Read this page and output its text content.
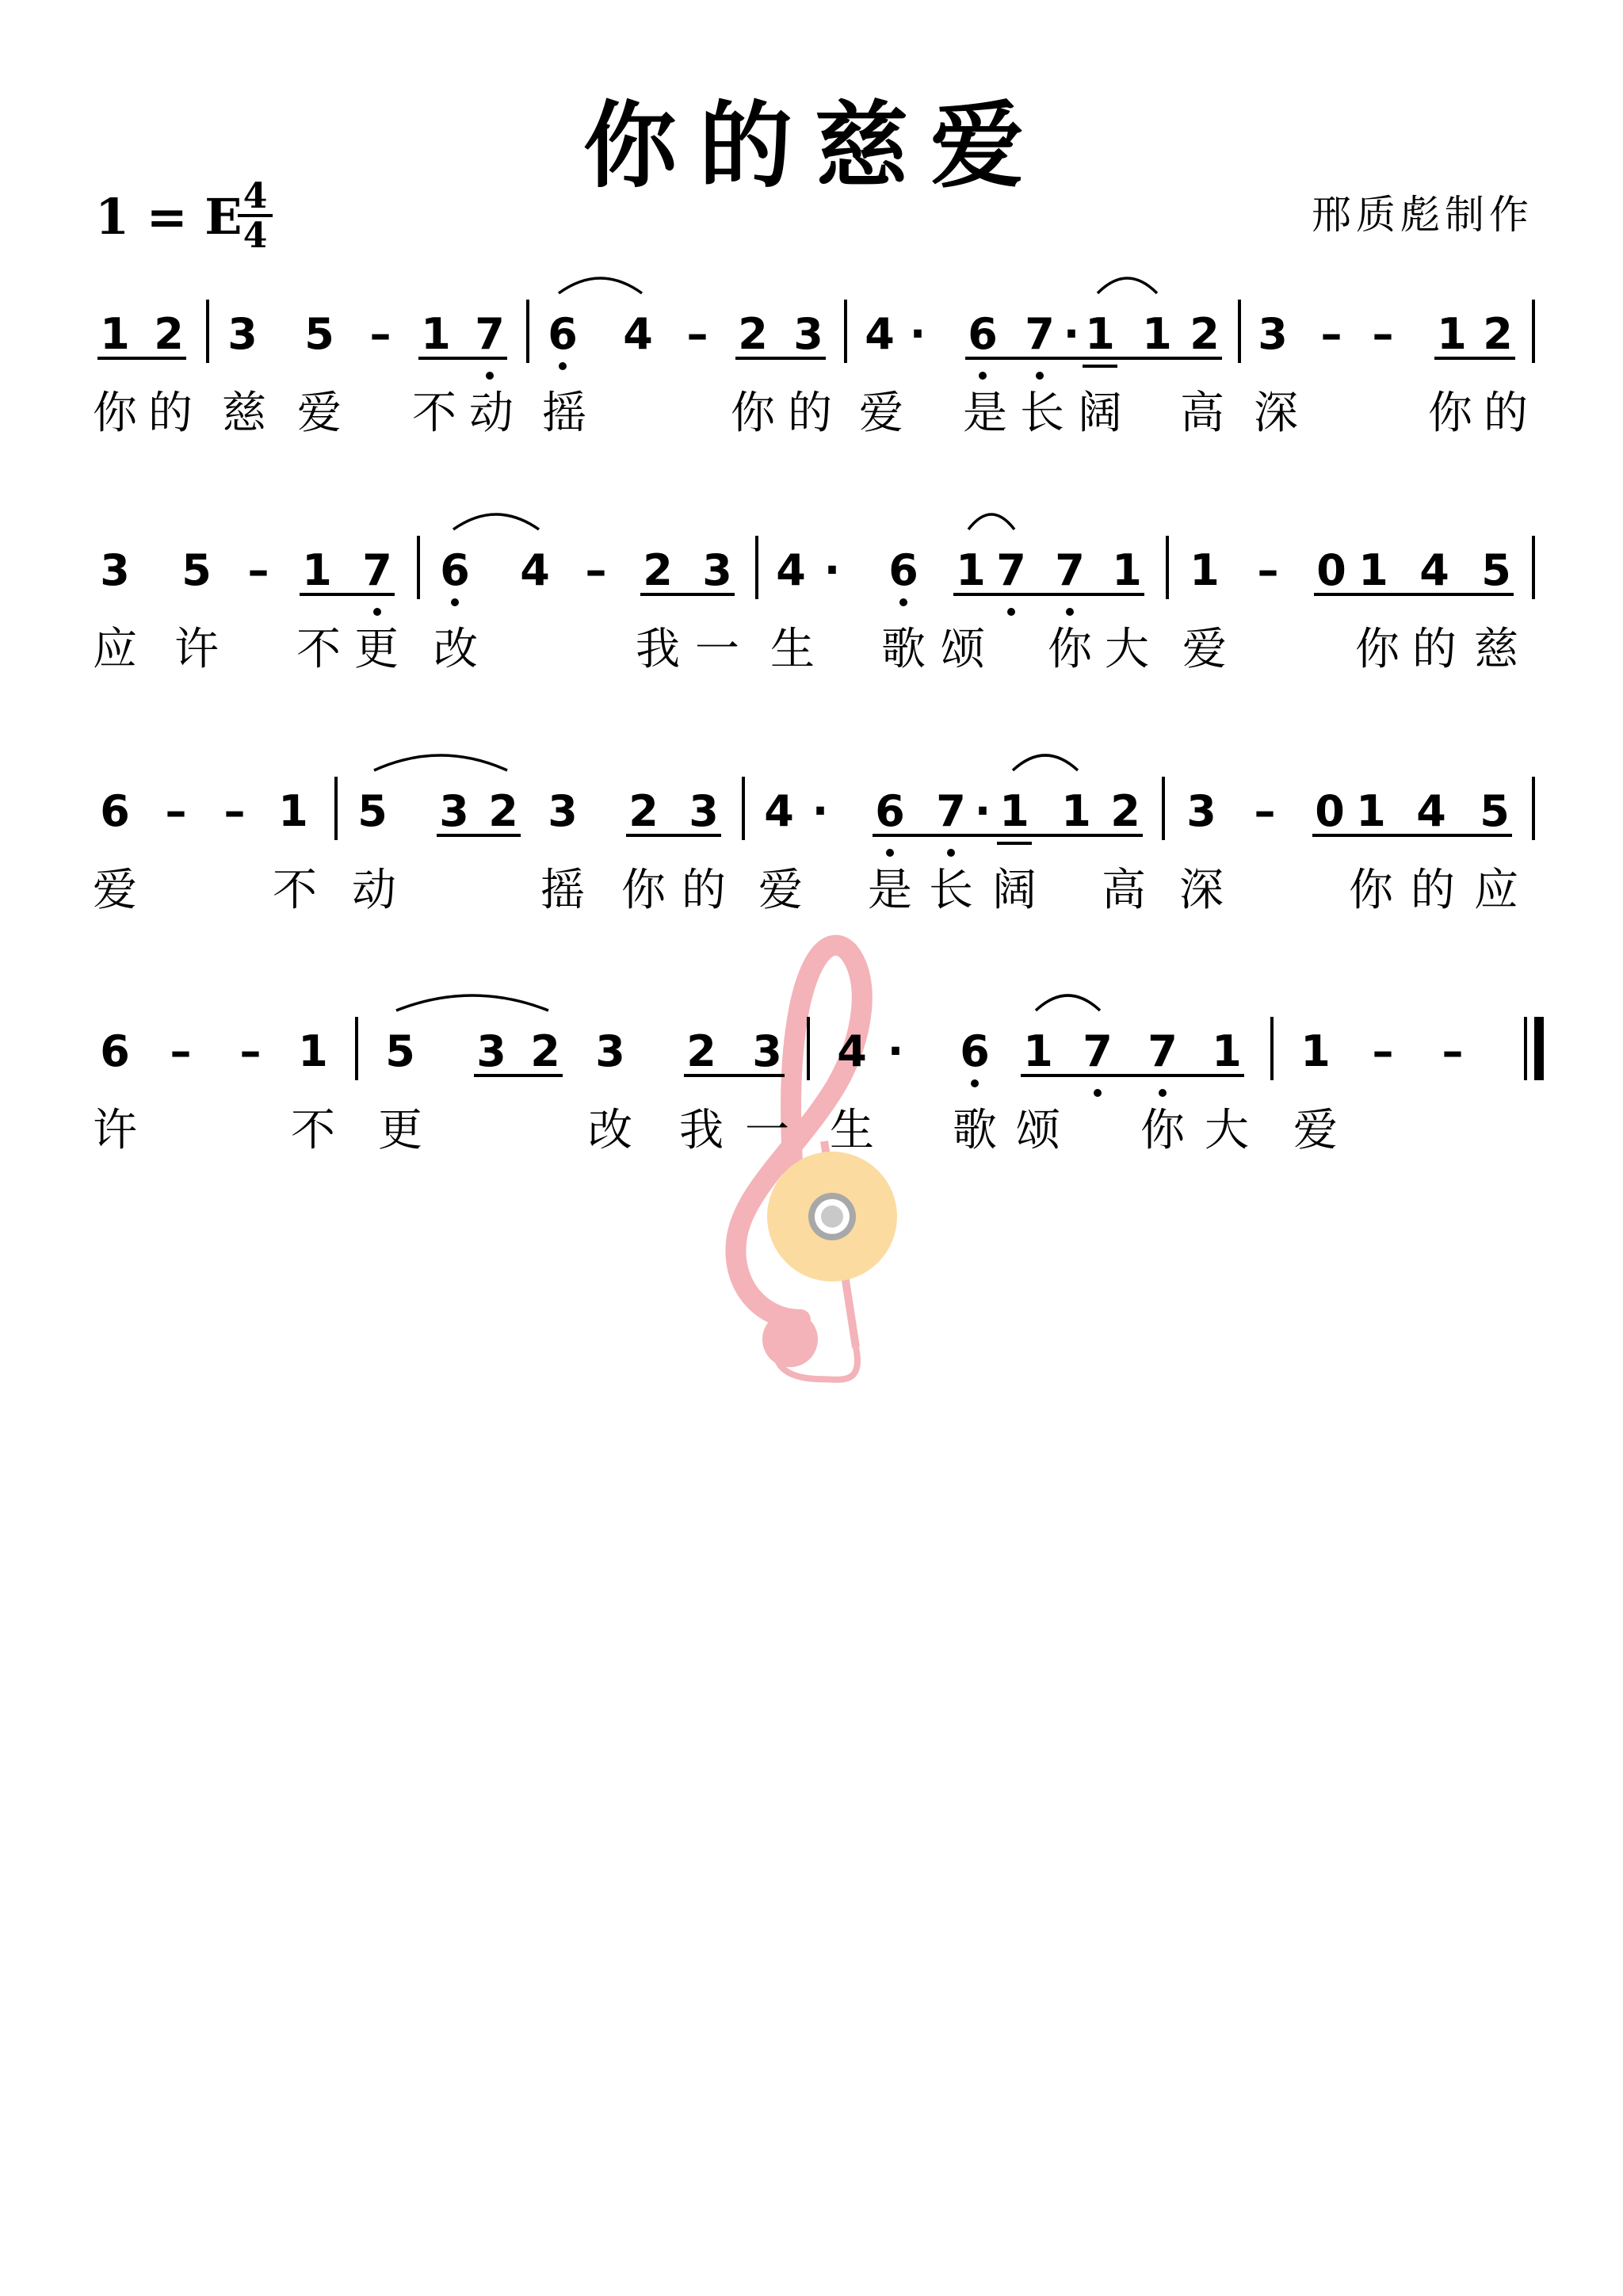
你的慈爱
1 = E 4
4	邢质彪制作
1 2 3 5 – 1 7 6 4 – 2 3 4 · 6 7 · 1 1 2 3 – – 1 2
你 的 慈 爱 不 动 摇	你 的 爱 是 长 阔 高 深	你 的
3 5 – 1 7 6 4 – 2 3 4 · 6 1 7 7 1 1 – 0 1 4 5
应 许 不 更 改	我 一 生 歌 颂 你 大 爱	你 的 慈
6 – – 1 5 3 2 3 2 3 4 · 6 7 · 1 1 2 3 – 0 1 4 5
爱	不 动	摇 你 的 爱 是 长 阔 高 深	你 的 应
6 – – 1 5 3 2 3 2 3 4 · 6 1 7 7 1 1 – –
许	不 更	改 我 一 生 歌 颂 你 大 爱
